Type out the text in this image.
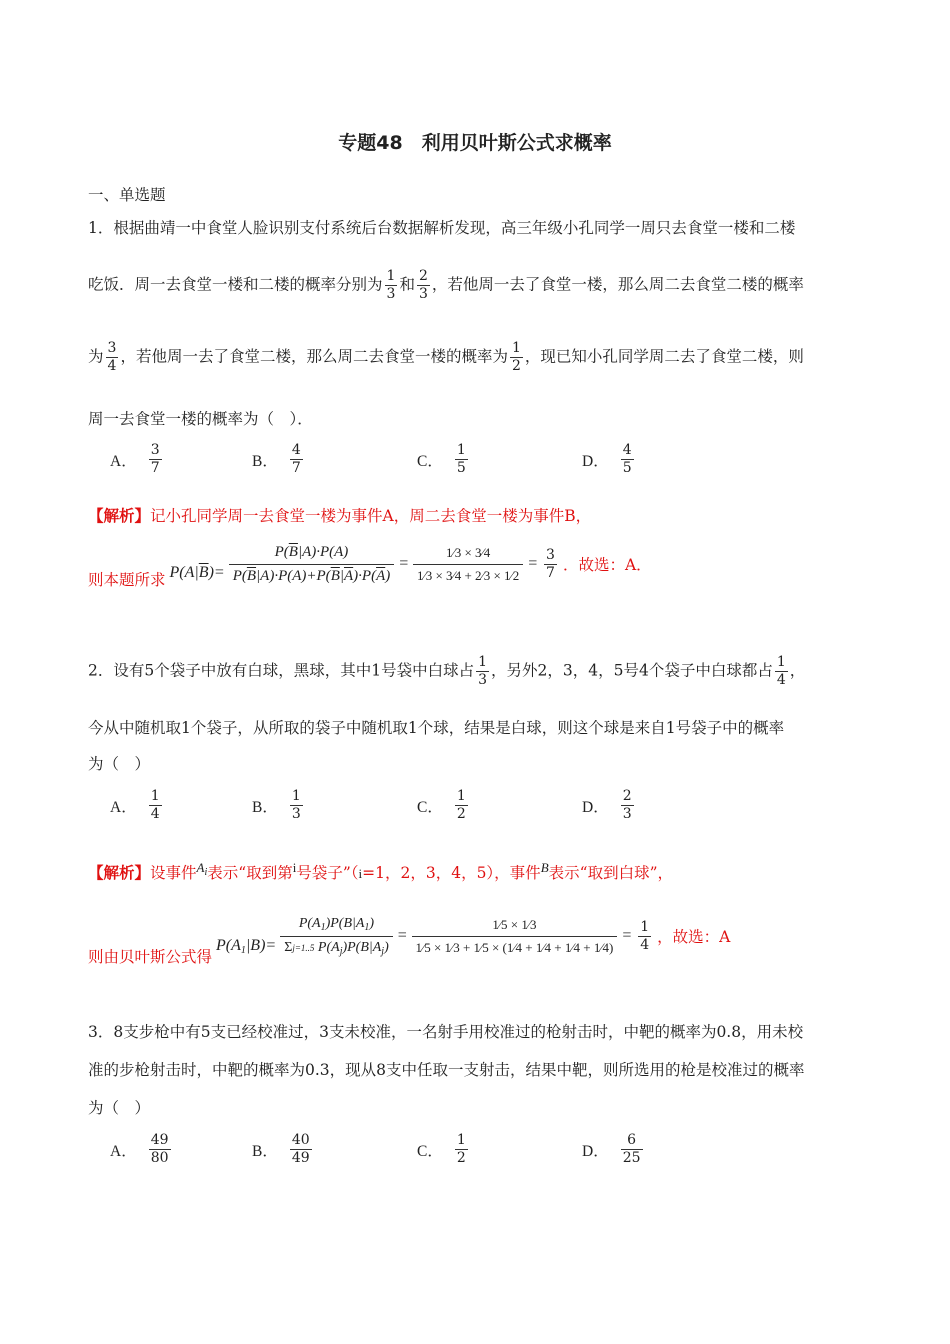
专题48　利用贝叶斯公式求概率
一、单选题
1．根据曲靖一中食堂人脸识别支付系统后台数据解析发现，高三年级小孔同学一周只去食堂一楼和二楼
吃饭．周一去食堂一楼和二楼的概率分别为 $\frac{1}{3}$ 和 $\frac{2}{3}$ ，若他周一去了食堂一楼，那么周二去食堂二楼的概率
为 $\frac{3}{4}$ ，若他周一去了食堂二楼，那么周二去食堂一楼的概率为 $\frac{1}{2}$ ，现已知小孔同学周二去了食堂二楼，则
周一去食堂一楼的概率为（　）．
A． $\frac{3}{7}$	B． $\frac{4}{7}$	C． $\frac{1}{5}$	D． $\frac{4}{5}$
【解析】记小孔同学周一去食堂一楼为事件A，周二去食堂一楼为事件B，
则本题所求 $P(A|\overline{B})= \frac{P(\overline{B}|A)\cdot P(A)}{P(\overline{B}|A)\cdot P(A)+P(\overline{B}|\overline{A})\cdot P(\overline{A})} = \frac{1⁄3 \times 3⁄4}{1⁄3 \times 3⁄4 + 2⁄3 \times 1⁄2} = \frac{3}{7}$ ．故选：A．
2．设有5个袋子中放有白球，黑球，其中1号袋中白球占 $\frac{1}{3}$ ，另外2，3，4，5号4个袋子中白球都占 $\frac{1}{4}$ ，
今从中随机取1个袋子，从所取的袋子中随机取1个球，结果是白球，则这个球是来自1号袋子中的概率
为（　）
A． $\frac{1}{4}$	B． $\frac{1}{3}$	C． $\frac{1}{2}$	D． $\frac{2}{3}$
【解析】设事件$^{A_i}$表示“取到第$^i$号袋子”（i=1，2，3，4，5），事件$^B$表示“取到白球”，
则由贝叶斯公式得
$P(A_1|B)= \frac{P(A_1)P(B|A_1)}{\Sigma j=1..5 P(A_j)P(B|A_j)} = \frac{1⁄5 \times 1⁄3}{1⁄5 \times 1⁄3 + 1⁄5 \times (1⁄4 + 1⁄4 + 1⁄4 + 1⁄4)} = \frac{1}{4}$ ，故选：A
3．8支步枪中有5支已经校准过，3支未校准，一名射手用校准过的枪射击时，中靶的概率为0.8，用未校
准的步枪射击时，中靶的概率为0.3，现从8支中任取一支射击，结果中靶，则所选用的枪是校准过的概率
为（　）
A． $\frac{49}{80}$	B． $\frac{40}{49}$	C． $\frac{1}{2}$	D． $\frac{6}{25}$
